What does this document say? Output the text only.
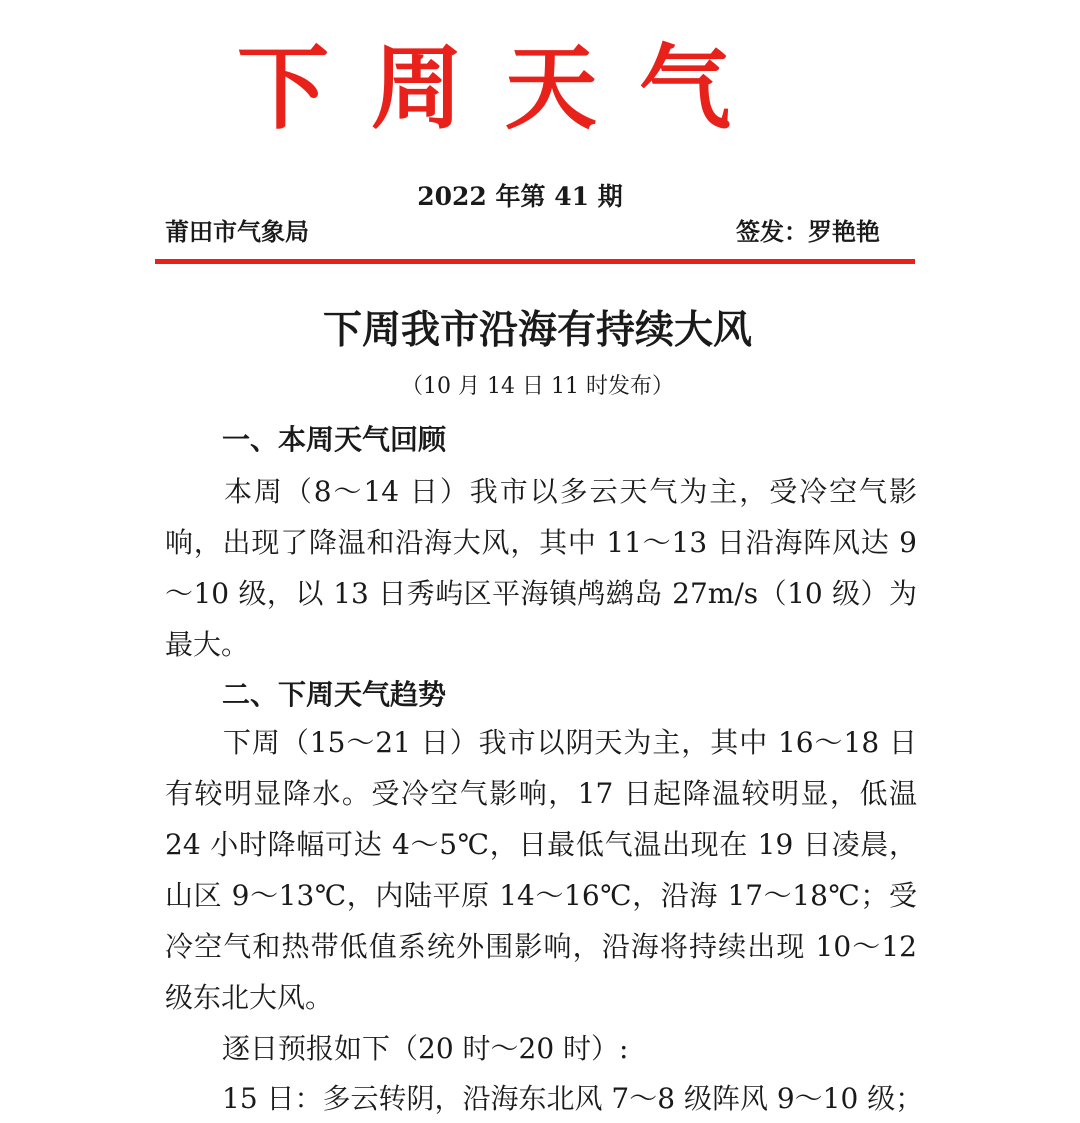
下周天气
2022 年第 41 期
莆田市气象局	签发：罗艳艳
下周我市沿海有持续大风
（10 月 14 日 11 时发布）
一、本周天气回顾
本周（8～14 日）我市以多云天气为主，受冷空气影响，出现了降温和沿海大风，其中 11～13 日沿海阵风达 9～10 级，以 13 日秀屿区平海镇鸬鹚岛 27m/s（10 级）为最大。
二、下周天气趋势
下周（15～21 日）我市以阴天为主，其中 16～18 日有较明显降水。受冷空气影响，17 日起降温较明显，低温 24 小时降幅可达 4～5℃，日最低气温出现在 19 日凌晨，山区 9～13℃，内陆平原 14～16℃，沿海 17～18℃；受冷空气和热带低值系统外围影响，沿海将持续出现 10～12 级东北大风。
逐日预报如下（20 时～20 时）:
15 日：多云转阴，沿海东北风 7～8 级阵风 9～10 级；
